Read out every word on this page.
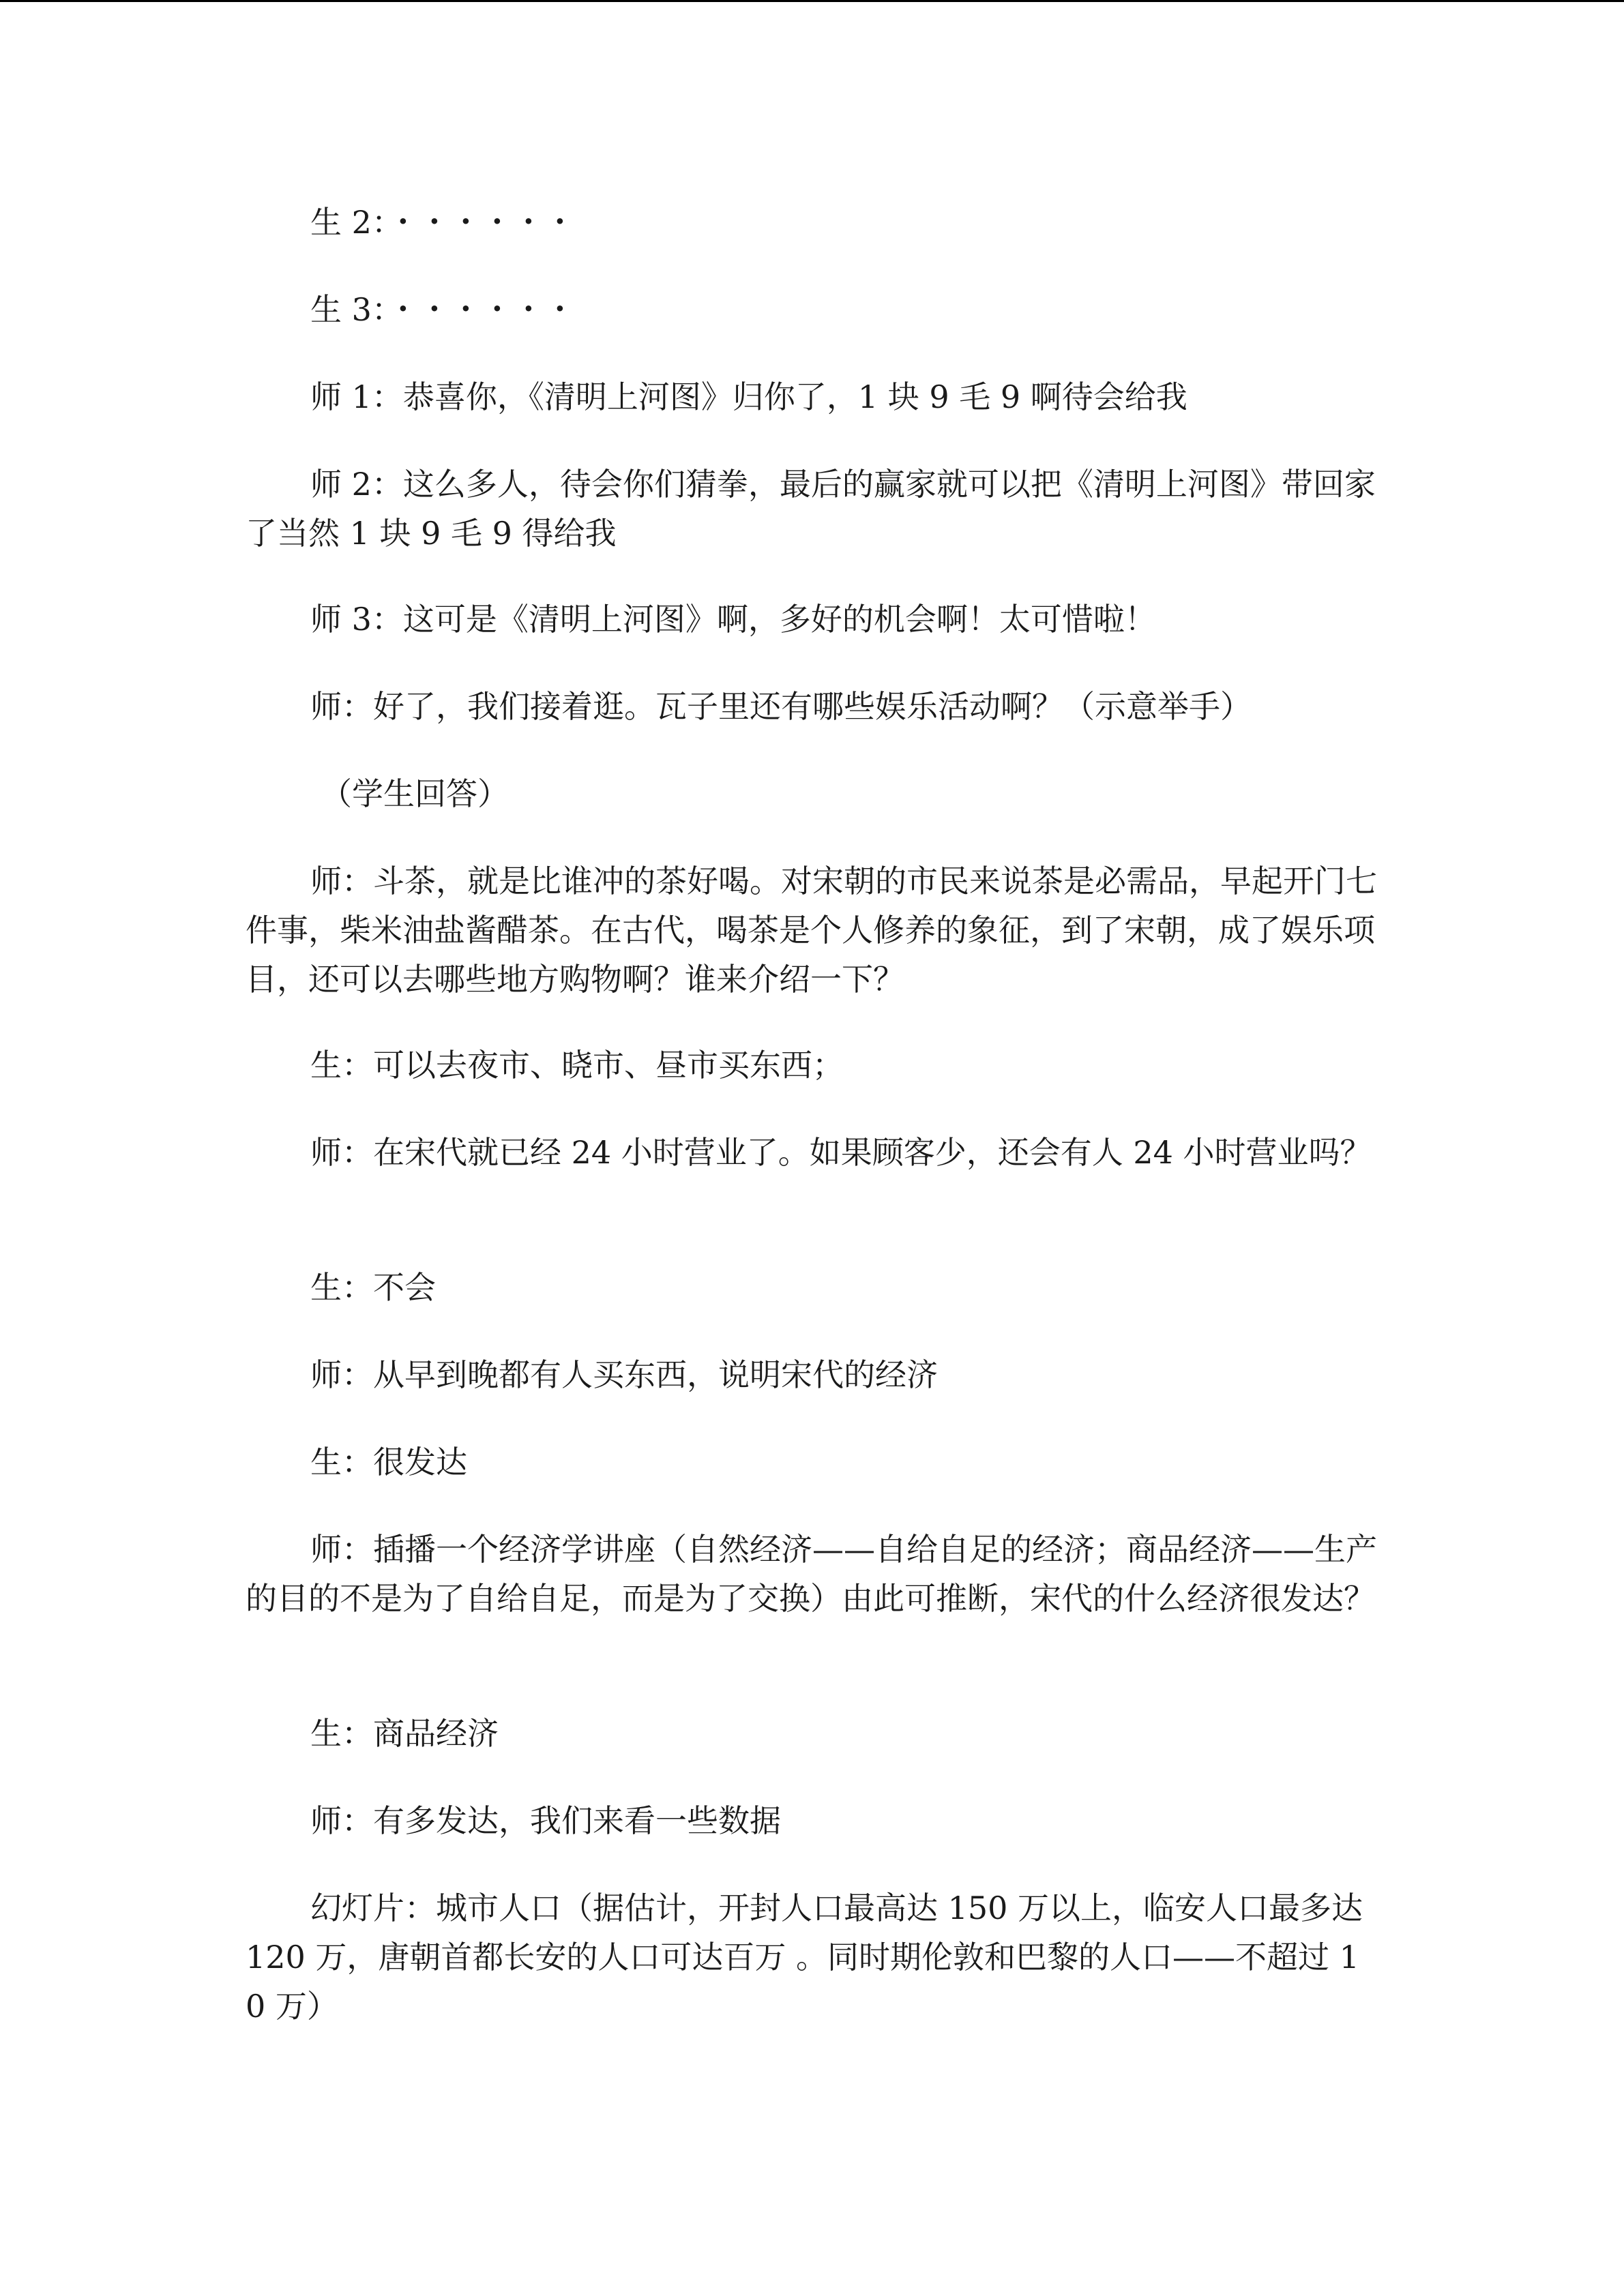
生 2：・・・・・・

生 3：・・・・・・

师 1：恭喜你，《清明上河图》归你了，1 块 9 毛 9 啊待会给我

师 2：这么多人，待会你们猜拳，最后的赢家就可以把《清明上河图》带回家了当然 1 块 9 毛 9 得给我

师 3：这可是《清明上河图》啊，多好的机会啊！太可惜啦！

师：好了，我们接着逛。瓦子里还有哪些娱乐活动啊？（示意举手）

（学生回答）

师：斗茶，就是比谁冲的茶好喝。对宋朝的市民来说茶是必需品，早起开门七件事，柴米油盐酱醋茶。在古代，喝茶是个人修养的象征，到了宋朝，成了娱乐项目，还可以去哪些地方购物啊？谁来介绍一下？

生：可以去夜市、晓市、昼市买东西；

师：在宋代就已经 24 小时营业了。如果顾客少，还会有人 24 小时营业吗？

生：不会

师：从早到晚都有人买东西，说明宋代的经济

生：很发达

师：插播一个经济学讲座（自然经济——自给自足的经济；商品经济——生产的目的不是为了自给自足，而是为了交换）由此可推断，宋代的什么经济很发达？

生：商品经济

师：有多发达，我们来看一些数据

幻灯片：城市人口（据估计，开封人口最高达 150 万以上，临安人口最多达 120 万，唐朝首都长安的人口可达百万 。同时期伦敦和巴黎的人口——不超过 10 万）
